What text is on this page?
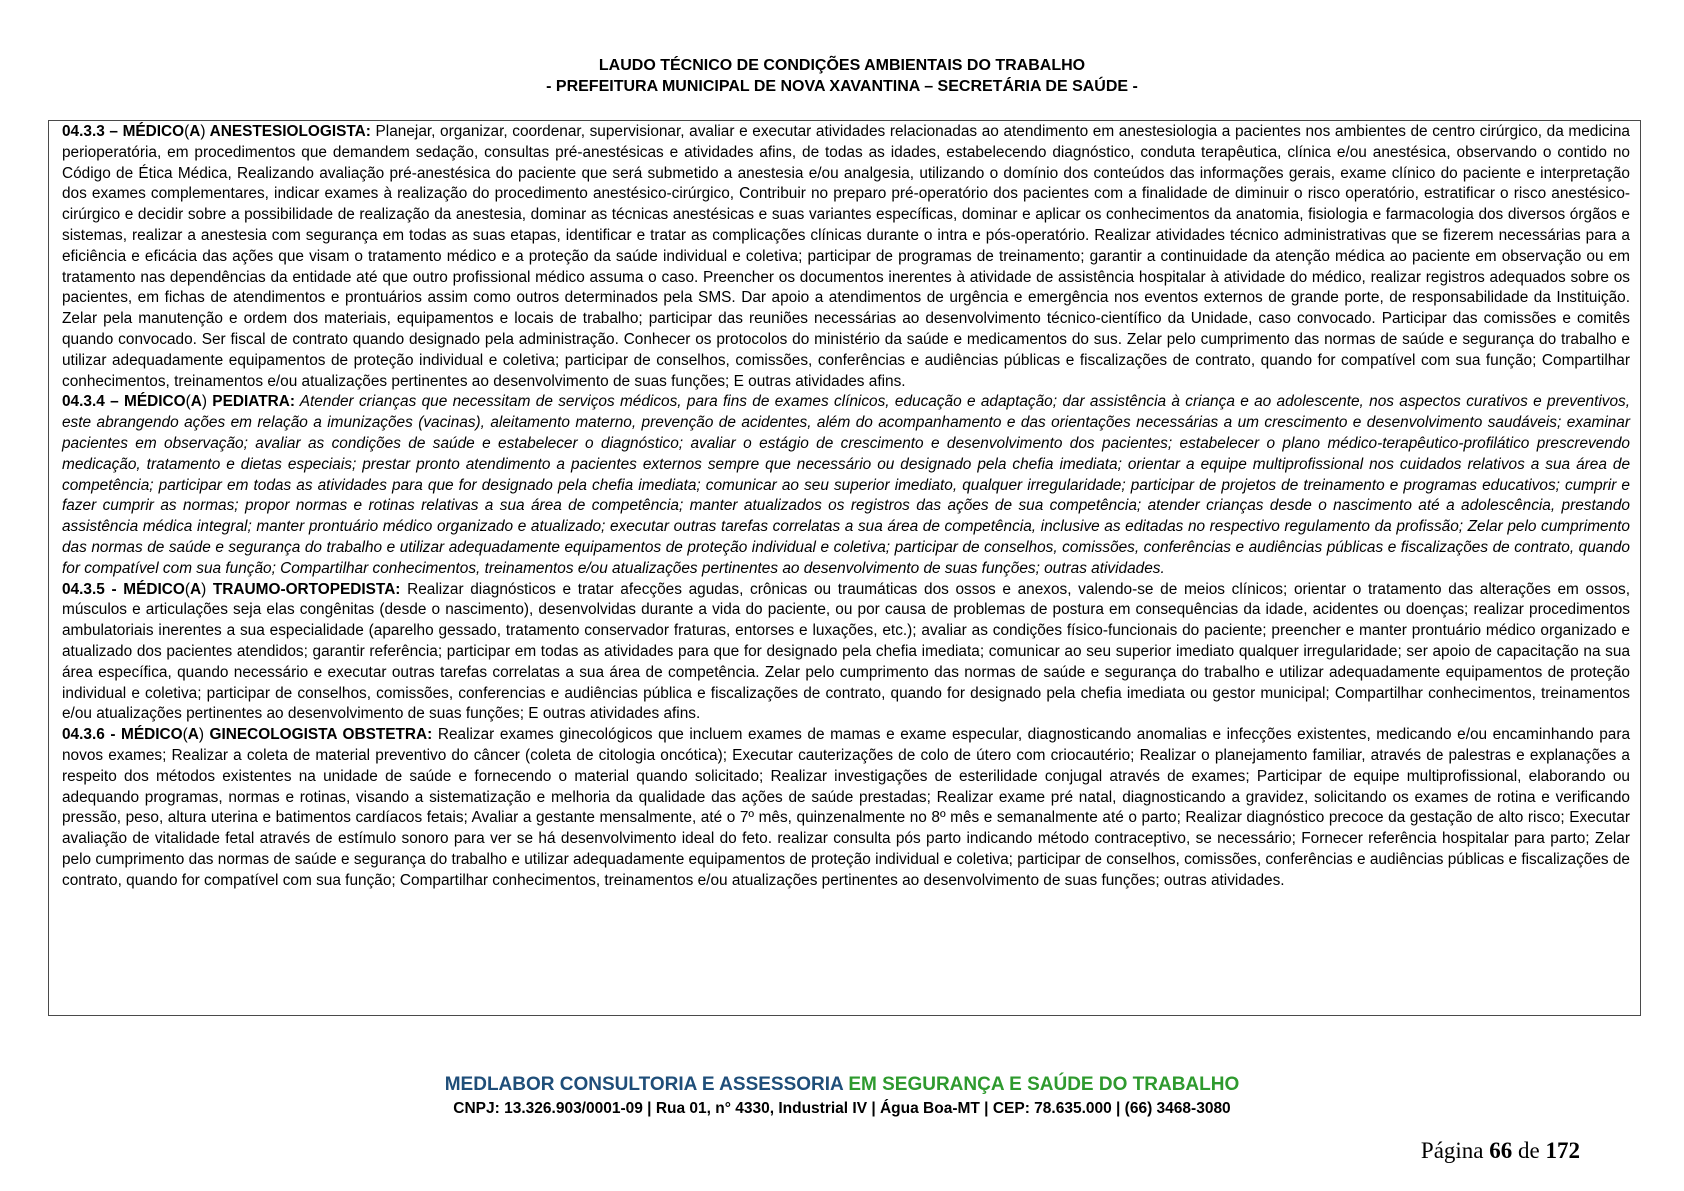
LAUDO TÉCNICO DE CONDIÇÕES AMBIENTAIS DO TRABALHO
- PREFEITURA MUNICIPAL DE NOVA XAVANTINA – SECRETÁRIA DE SAÚDE -

04.3.3 – MÉDICO(A) ANESTESIOLOGISTA: Planejar, organizar, coordenar, supervisionar, avaliar e executar atividades relacionadas ao atendimento em anestesiologia a pacientes nos ambientes de centro cirúrgico, da medicina perioperatória, em procedimentos que demandem sedação, consultas pré-anestésicas e atividades afins, de todas as idades, estabelecendo diagnóstico, conduta terapêutica, clínica e/ou anestésica, observando o contido no Código de Ética Médica, Realizando avaliação pré-anestésica do paciente que será submetido a anestesia e/ou analgesia, utilizando o domínio dos conteúdos das informações gerais, exame clínico do paciente e interpretação dos exames complementares, indicar exames à realização do procedimento anestésico-cirúrgico, Contribuir no preparo pré-operatório dos pacientes com a finalidade de diminuir o risco operatório, estratificar o risco anestésico-cirúrgico e decidir sobre a possibilidade de realização da anestesia, dominar as técnicas anestésicas e suas variantes específicas, dominar e aplicar os conhecimentos da anatomia, fisiologia e farmacologia dos diversos órgãos e sistemas, realizar a anestesia com segurança em todas as suas etapas, identificar e tratar as complicações clínicas durante o intra e pós-operatório. Realizar atividades técnico administrativas que se fizerem necessárias para a eficiência e eficácia das ações que visam o tratamento médico e a proteção da saúde individual e coletiva; participar de programas de treinamento; garantir a continuidade da atenção médica ao paciente em observação ou em tratamento nas dependências da entidade até que outro profissional médico assuma o caso. Preencher os documentos inerentes à atividade de assistência hospitalar à atividade do médico, realizar registros adequados sobre os pacientes, em fichas de atendimentos e prontuários assim como outros determinados pela SMS. Dar apoio a atendimentos de urgência e emergência nos eventos externos de grande porte, de responsabilidade da Instituição. Zelar pela manutenção e ordem dos materiais, equipamentos e locais de trabalho; participar das reuniões necessárias ao desenvolvimento técnico-científico da Unidade, caso convocado. Participar das comissões e comitês quando convocado. Ser fiscal de contrato quando designado pela administração. Conhecer os protocolos do ministério da saúde e medicamentos do sus. Zelar pelo cumprimento das normas de saúde e segurança do trabalho e utilizar adequadamente equipamentos de proteção individual e coletiva; participar de conselhos, comissões, conferências e audiências públicas e fiscalizações de contrato, quando for compatível com sua função; Compartilhar conhecimentos, treinamentos e/ou atualizações pertinentes ao desenvolvimento de suas funções; E outras atividades afins.

04.3.4 – MÉDICO(A) PEDIATRA: Atender crianças que necessitam de serviços médicos, para fins de exames clínicos, educação e adaptação; dar assistência à criança e ao adolescente, nos aspectos curativos e preventivos, este abrangendo ações em relação a imunizações (vacinas), aleitamento materno, prevenção de acidentes, além do acompanhamento e das orientações necessárias a um crescimento e desenvolvimento saudáveis; examinar pacientes em observação; avaliar as condições de saúde e estabelecer o diagnóstico; avaliar o estágio de crescimento e desenvolvimento dos pacientes; estabelecer o plano médico-terapêutico-profilático prescrevendo medicação, tratamento e dietas especiais; prestar pronto atendimento a pacientes externos sempre que necessário ou designado pela chefia imediata; orientar a equipe multiprofissional nos cuidados relativos a sua área de competência; participar em todas as atividades para que for designado pela chefia imediata; comunicar ao seu superior imediato, qualquer irregularidade; participar de projetos de treinamento e programas educativos; cumprir e fazer cumprir as normas; propor normas e rotinas relativas a sua área de competência; manter atualizados os registros das ações de sua competência; atender crianças desde o nascimento até a adolescência, prestando assistência médica integral; manter prontuário médico organizado e atualizado; executar outras tarefas correlatas a sua área de competência, inclusive as editadas no respectivo regulamento da profissão; Zelar pelo cumprimento das normas de saúde e segurança do trabalho e utilizar adequadamente equipamentos de proteção individual e coletiva; participar de conselhos, comissões, conferências e audiências públicas e fiscalizações de contrato, quando for compatível com sua função; Compartilhar conhecimentos, treinamentos e/ou atualizações pertinentes ao desenvolvimento de suas funções; outras atividades.

04.3.5 - MÉDICO(A) TRAUMO-ORTOPEDISTA: Realizar diagnósticos e tratar afecções agudas, crônicas ou traumáticas dos ossos e anexos, valendo-se de meios clínicos; orientar o tratamento das alterações em ossos, músculos e articulações seja elas congênitas (desde o nascimento), desenvolvidas durante a vida do paciente, ou por causa de problemas de postura em consequências da idade, acidentes ou doenças; realizar procedimentos ambulatoriais inerentes a sua especialidade (aparelho gessado, tratamento conservador fraturas, entorses e luxações, etc.); avaliar as condições físico-funcionais do paciente; preencher e manter prontuário médico organizado e atualizado dos pacientes atendidos; garantir referência; participar em todas as atividades para que for designado pela chefia imediata; comunicar ao seu superior imediato qualquer irregularidade; ser apoio de capacitação na sua área específica, quando necessário e executar outras tarefas correlatas a sua área de competência. Zelar pelo cumprimento das normas de saúde e segurança do trabalho e utilizar adequadamente equipamentos de proteção individual e coletiva; participar de conselhos, comissões, conferencias e audiências pública e fiscalizações de contrato, quando for designado pela chefia imediata ou gestor municipal; Compartilhar conhecimentos, treinamentos e/ou atualizações pertinentes ao desenvolvimento de suas funções; E outras atividades afins.

04.3.6 - MÉDICO(A) GINECOLOGISTA OBSTETRA: Realizar exames ginecológicos que incluem exames de mamas e exame especular, diagnosticando anomalias e infecções existentes, medicando e/ou encaminhando para novos exames; Realizar a coleta de material preventivo do câncer (coleta de citologia oncótica); Executar cauterizações de colo de útero com criocautério; Realizar o planejamento familiar, através de palestras e explanações a respeito dos métodos existentes na unidade de saúde e fornecendo o material quando solicitado; Realizar investigações de esterilidade conjugal através de exames; Participar de equipe multiprofissional, elaborando ou adequando programas, normas e rotinas, visando a sistematização e melhoria da qualidade das ações de saúde prestadas; Realizar exame pré natal, diagnosticando a gravidez, solicitando os exames de rotina e verificando pressão, peso, altura uterina e batimentos cardíacos fetais; Avaliar a gestante mensalmente, até o 7º mês, quinzenalmente no 8º mês e semanalmente até o parto; Realizar diagnóstico precoce da gestação de alto risco; Executar avaliação de vitalidade fetal através de estímulo sonoro para ver se há desenvolvimento ideal do feto. realizar consulta pós parto indicando método contraceptivo, se necessário; Fornecer referência hospitalar para parto; Zelar pelo cumprimento das normas de saúde e segurança do trabalho e utilizar adequadamente equipamentos de proteção individual e coletiva; participar de conselhos, comissões, conferências e audiências públicas e fiscalizações de contrato, quando for compatível com sua função; Compartilhar conhecimentos, treinamentos e/ou atualizações pertinentes ao desenvolvimento de suas funções; outras atividades.

MEDLABOR CONSULTORIA E ASSESSORIA EM SEGURANÇA E SAÚDE DO TRABALHO
CNPJ: 13.326.903/0001-09 | Rua 01, n° 4330, Industrial IV | Água Boa-MT | CEP: 78.635.000 | (66) 3468-3080
Página 66 de 172
